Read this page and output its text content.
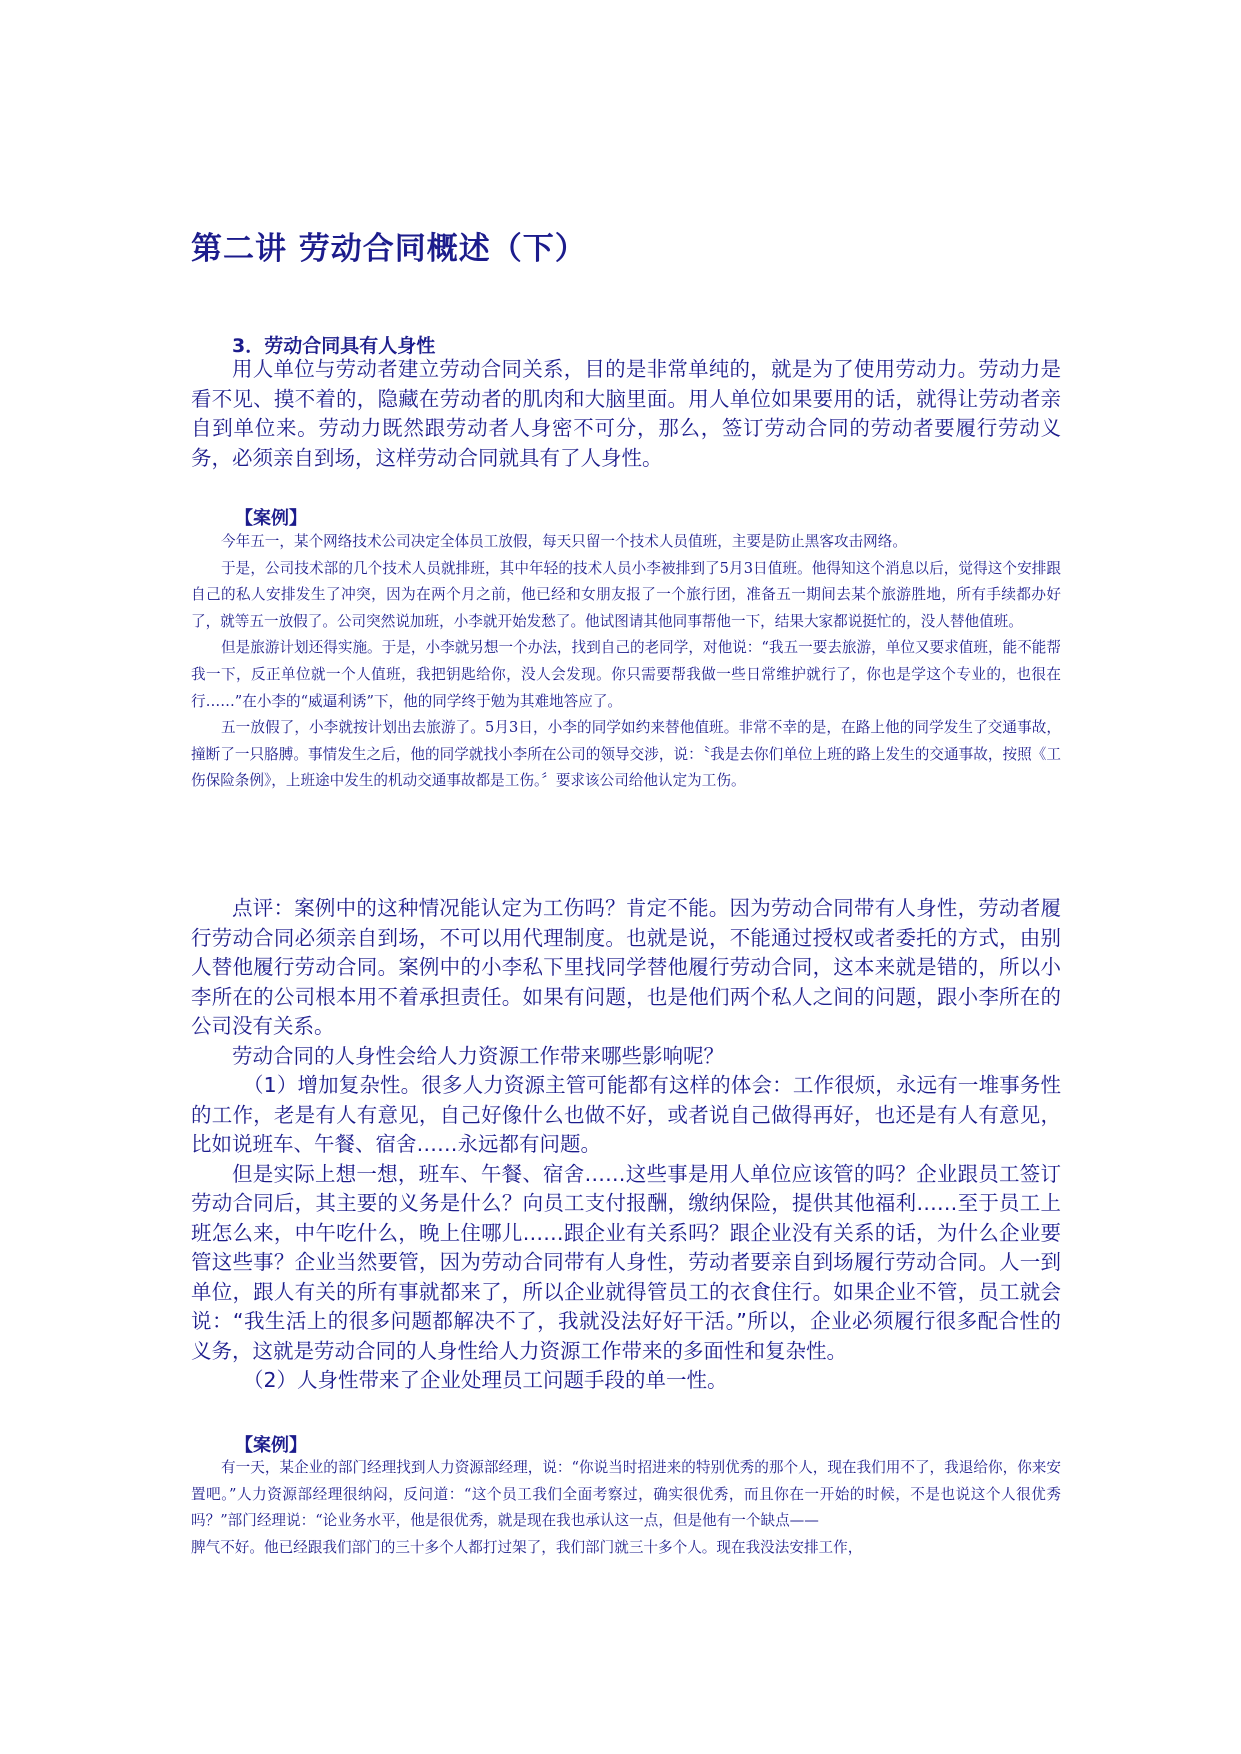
第二讲 劳动合同概述（下）
3．劳动合同具有人身性

用人单位与劳动者建立劳动合同关系，目的是非常单纯的，就是为了使用劳动力。劳动力是看不见、摸不着的，隐藏在劳动者的肌肉和大脑里面。用人单位如果要用的话，就得让劳动者亲自到单位来。劳动力既然跟劳动者人身密不可分，那么，签订劳动合同的劳动者要履行劳动义务，必须亲自到场，这样劳动合同就具有了人身性。

【案例】

今年五一，某个网络技术公司决定全体员工放假，每天只留一个技术人员值班，主要是防止黑客攻击网络。

于是，公司技术部的几个技术人员就排班，其中年轻的技术人员小李被排到了5月3日值班。他得知这个消息以后，觉得这个安排跟自己的私人安排发生了冲突，因为在两个月之前，他已经和女朋友报了一个旅行团，准备五一期间去某个旅游胜地，所有手续都办好了，就等五一放假了。公司突然说加班，小李就开始发愁了。他试图请其他同事帮他一下，结果大家都说挺忙的，没人替他值班。

但是旅游计划还得实施。于是，小李就另想一个办法，找到自己的老同学，对他说：“我五一要去旅游，单位又要求值班，能不能帮我一下，反正单位就一个人值班，我把钥匙给你，没人会发现。你只需要帮我做一些日常维护就行了，你也是学这个专业的，也很在行……”在小李的“威逼利诱”下，他的同学终于勉为其难地答应了。

五一放假了，小李就按计划出去旅游了。5月3日，小李的同学如约来替他值班。非常不幸的是，在路上他的同学发生了交通事故，撞断了一只胳膊。事情发生之后，他的同学就找小李所在公司的领导交涉，说：〝我是去你们单位上班的路上发生的交通事故，按照《工伤保险条例》，上班途中发生的机动交通事故都是工伤。〞要求该公司给他认定为工伤。

点评：案例中的这种情况能认定为工伤吗？肯定不能。因为劳动合同带有人身性，劳动者履行劳动合同必须亲自到场，不可以用代理制度。也就是说，不能通过授权或者委托的方式，由别人替他履行劳动合同。案例中的小李私下里找同学替他履行劳动合同，这本来就是错的，所以小李所在的公司根本用不着承担责任。如果有问题，也是他们两个私人之间的问题，跟小李所在的公司没有关系。

劳动合同的人身性会给人力资源工作带来哪些影响呢？

（1）增加复杂性。很多人力资源主管可能都有这样的体会：工作很烦，永远有一堆事务性的工作，老是有人有意见，自己好像什么也做不好，或者说自己做得再好，也还是有人有意见，比如说班车、午餐、宿舍……永远都有问题。

但是实际上想一想，班车、午餐、宿舍……这些事是用人单位应该管的吗？企业跟员工签订劳动合同后，其主要的义务是什么？向员工支付报酬，缴纳保险，提供其他福利……至于员工上班怎么来，中午吃什么，晚上住哪儿……跟企业有关系吗？跟企业没有关系的话，为什么企业要管这些事？企业当然要管，因为劳动合同带有人身性，劳动者要亲自到场履行劳动合同。人一到单位，跟人有关的所有事就都来了，所以企业就得管员工的衣食住行。如果企业不管，员工就会说：“我生活上的很多问题都解决不了，我就没法好好干活。”所以，企业必须履行很多配合性的义务，这就是劳动合同的人身性给人力资源工作带来的多面性和复杂性。

（2）人身性带来了企业处理员工问题手段的单一性。

【案例】

有一天，某企业的部门经理找到人力资源部经理，说：“你说当时招进来的特别优秀的那个人，现在我们用不了，我退给你，你来安置吧。”人力资源部经理很纳闷，反问道：“这个员工我们全面考察过，确实很优秀，而且你在一开始的时候，不是也说这个人很优秀吗？”部门经理说：“论业务水平，他是很优秀，就是现在我也承认这一点，但是他有一个缺点——

脾气不好。他已经跟我们部门的三十多个人都打过架了，我们部门就三十多个人。现在我没法安排工作，
